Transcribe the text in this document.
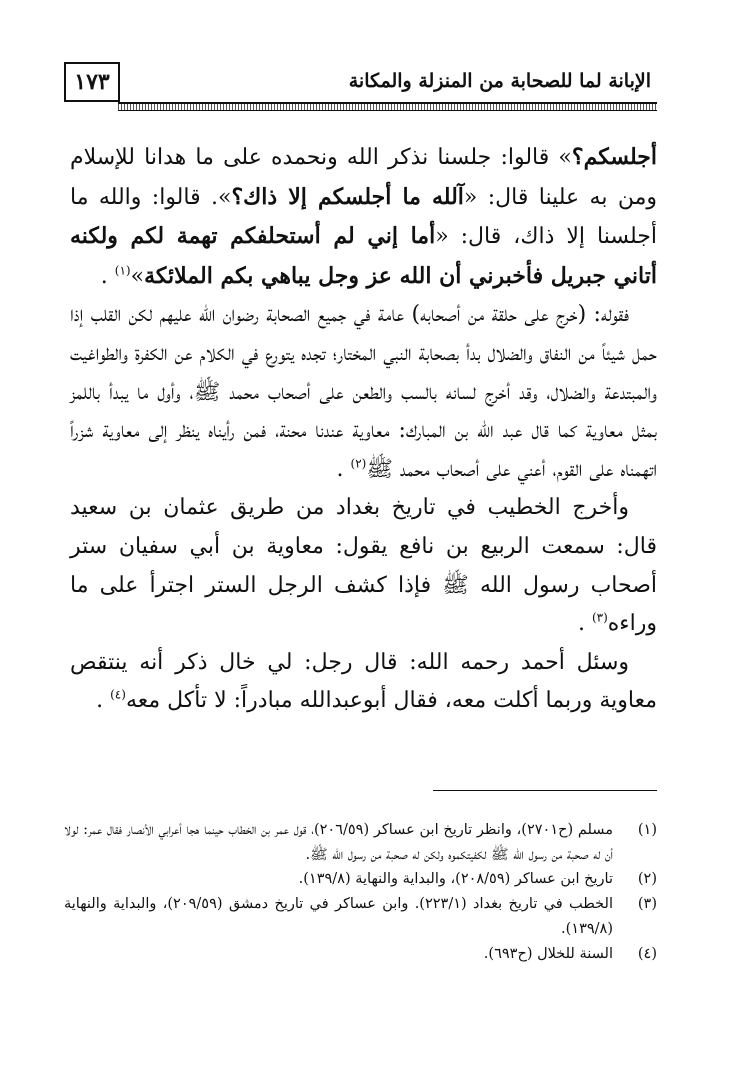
الإبانة لما للصحابة من المنزلة والمكانة
١٧٣

أجلسكم؟» قالوا: جلسنا نذكر الله ونحمده على ما هدانا للإسلام ومن به علينا قال: «آلله ما أجلسكم إلا ذاك؟». قالوا: والله ما أجلسنا إلا ذاك، قال: «أما إني لم أستحلفكم تهمة لكم ولكنه أتاني جبريل فأخبرني أن الله عز وجل يباهي بكم الملائكة»$^{(١)}$ .

فقوله: (خرج على حلقة من أصحابه) عامة في جميع الصحابة رضوان الله عليهم لكن القلب إذا حمل شيئاً من النفاق والضلال بدأ بصحابة النبي المختار؛ تجده يتورع في الكلام عن الكفرة والطواغيت والمبتدعة والضلال، وقد أخرج لسانه بالسب والطعن على أصحاب محمد ﷺ، وأول ما يبدأ باللمز بمثل معاوية كما قال عبد الله بن المبارك: معاوية عندنا محنة، فمن رأيناه ينظر إلى معاوية شزراً اتهمناه على القوم، أعني على أصحاب محمد ﷺ$^{(٢)}$ .

وأخرج الخطيب في تاريخ بغداد من طريق عثمان بن سعيد قال: سمعت الربيع بن نافع يقول: معاوية بن أبي سفيان ستر أصحاب رسول الله ﷺ فإذا كشف الرجل الستر اجترأ على ما وراءه$^{(٣)}$ .

وسئل أحمد رحمه الله: قال رجل: لي خال ذكر أنه ينتقص معاوية وربما أكلت معه، فقال أبوعبدالله مبادراً: لا تأكل معه$^{(٤)}$ .

(١)
مسلم (ح٢٧٠١)، وانظر تاريخ ابن عساكر (٢٠٦/٥٩)، قول عمر بن الخطاب حينما هجا أعرابي الأنصار فقال عمر: لولا أن له صحبة من رسول الله ﷺ لكفيتكموه ولكن له صحبة من رسول الله ﷺ.
(٢)
تاريخ ابن عساكر (٢٠٨/٥٩)، والبداية والنهاية (١٣٩/٨).
(٣)
الخطب في تاريخ بغداد (٢٢٣/١). وابن عساكر في تاريخ دمشق (٢٠٩/٥٩)، والبداية والنهاية (١٣٩/٨).
(٤)
السنة للخلال (ح٦٩٣).
